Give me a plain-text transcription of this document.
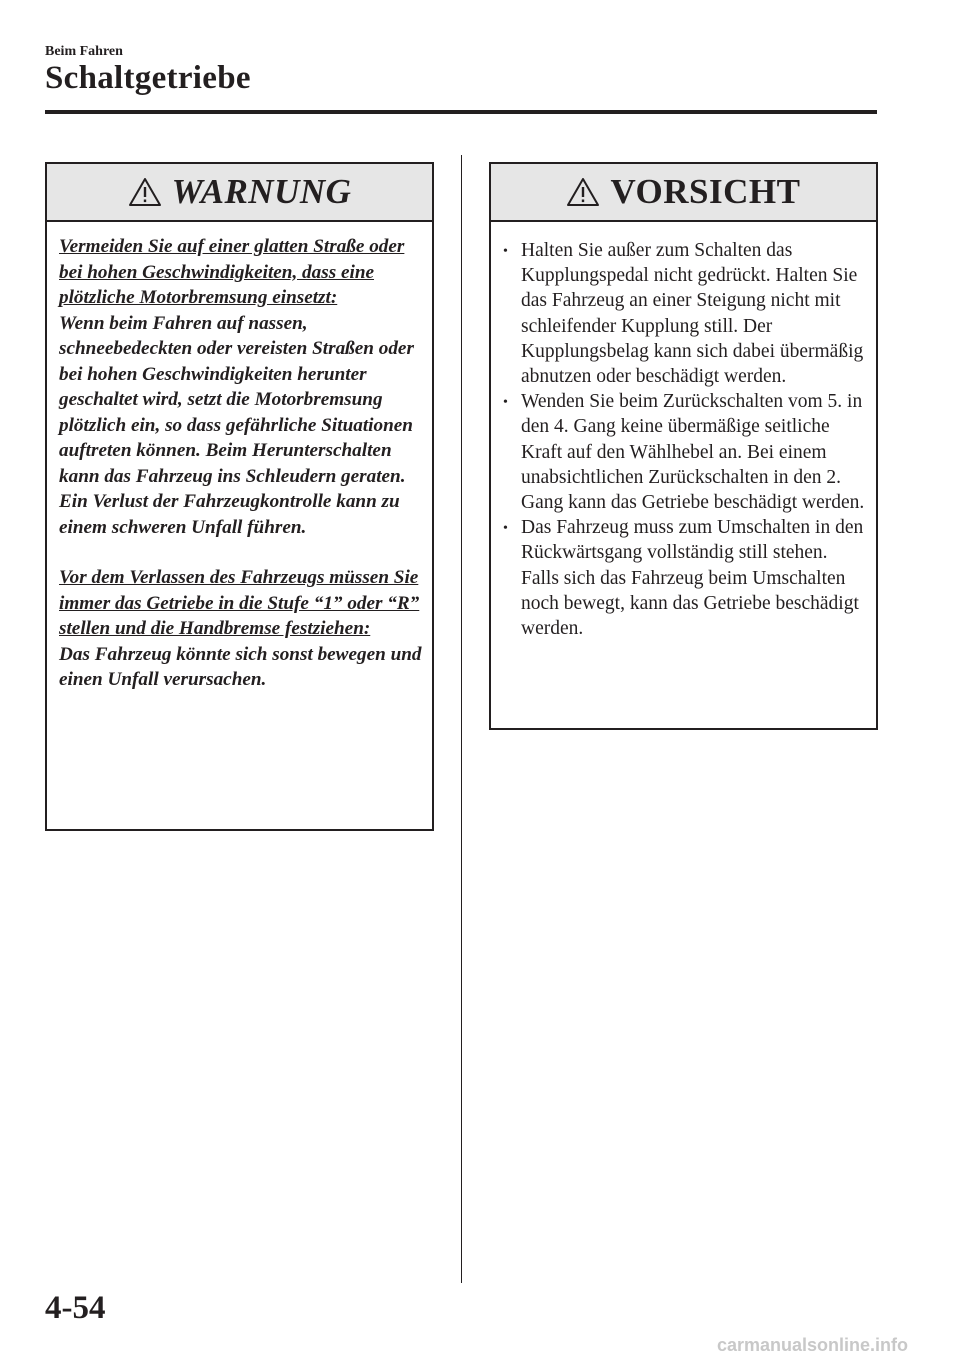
Beim Fahren
Schaltgetriebe
WARNUNG

Vermeiden Sie auf einer glatten Straße oder bei hohen Geschwindigkeiten, dass eine plötzliche Motorbremsung einsetzt:

Wenn beim Fahren auf nassen, schneebedeckten oder vereisten Straßen oder bei hohen Geschwindigkeiten herunter geschaltet wird, setzt die Motorbremsung plötzlich ein, so dass gefährliche Situationen auftreten können. Beim Herunterschalten kann das Fahrzeug ins Schleudern geraten. Ein Verlust der Fahrzeugkontrolle kann zu einem schweren Unfall führen.

Vor dem Verlassen des Fahrzeugs müssen Sie immer das Getriebe in die Stufe “1” oder “R” stellen und die Handbremse festziehen:

Das Fahrzeug könnte sich sonst bewegen und einen Unfall verursachen.

VORSICHT
• Halten Sie außer zum Schalten das Kupplungspedal nicht gedrückt. Halten Sie das Fahrzeug an einer Steigung nicht mit schleifender Kupplung still. Der Kupplungsbelag kann sich dabei übermäßig abnutzen oder beschädigt werden.
• Wenden Sie beim Zurückschalten vom 5. in den 4. Gang keine übermäßige seitliche Kraft auf den Wählhebel an. Bei einem unabsichtlichen Zurückschalten in den 2. Gang kann das Getriebe beschädigt werden.
• Das Fahrzeug muss zum Umschalten in den Rückwärtsgang vollständig still stehen. Falls sich das Fahrzeug beim Umschalten noch bewegt, kann das Getriebe beschädigt werden.
4-54
carmanualsonline.info
